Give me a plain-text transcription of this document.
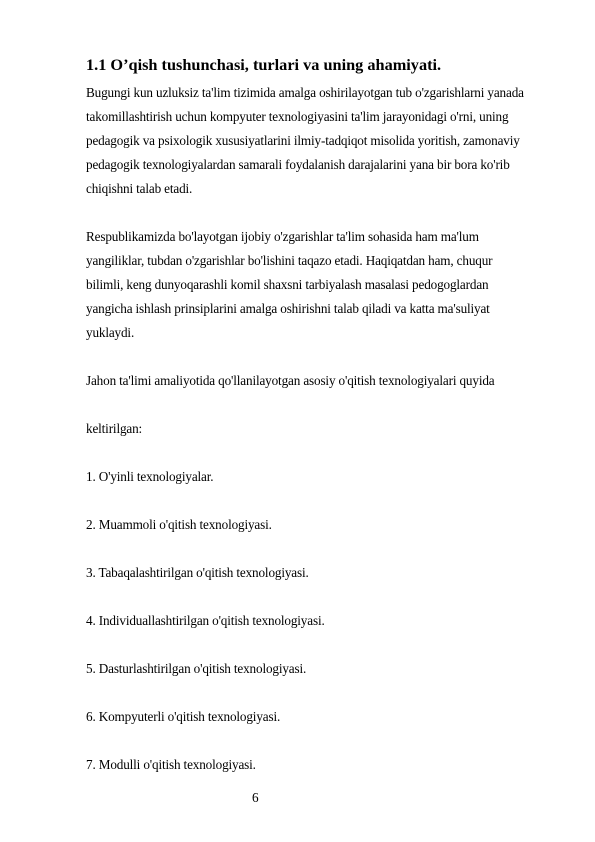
1.1 O’qish tushunchasi, turlari va uning ahamiyati.
Bugungi kun uzluksiz ta'lim tizimida amalga oshirilayotgan tub o'zgarishlarni yanada
takomillashtirish uchun kompyuter texnologiyasini ta'lim jarayonidagi o'rni, uning
pedagogik va psixologik xususiyatlarini ilmiy-tadqiqot misolida yoritish, zamonaviy
pedagogik texnologiyalardan samarali foydalanish darajalarini yana bir bora ko'rib
chiqishni talab etadi.
Respublikamizda bo'layotgan ijobiy o'zgarishlar ta'lim sohasida ham ma'lum
yangiliklar, tubdan o'zgarishlar bo'lishini taqazo etadi. Haqiqatdan ham, chuqur
bilimli, keng dunyoqarashli komil shaxsni tarbiyalash masalasi pedogoglardan
yangicha ishlash prinsiplarini amalga oshirishni talab qiladi va katta ma'suliyat
yuklaydi.
Jahon ta'limi amaliyotida qo'llanilayotgan asosiy o'qitish texnologiyalari quyida
keltirilgan:
1. O'yinli texnologiyalar.
2. Muammoli o'qitish texnologiyasi.
3. Tabaqalashtirilgan o'qitish texnologiyasi.
4. Individuallashtirilgan o'qitish texnologiyasi.
5. Dasturlashtirilgan o'qitish texnologiyasi.
6. Kompyuterli o'qitish texnologiyasi.
7. Modulli o'qitish texnologiyasi.
6
